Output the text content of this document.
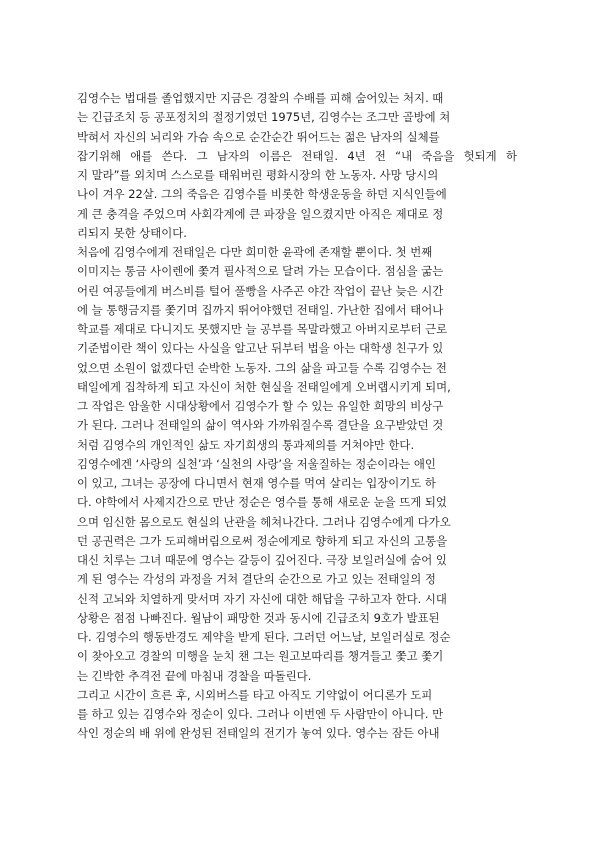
김영수는 법대를 졸업했지만 지금은 경찰의 수배를 피해 숨어있는 처지. 때
는 긴급조치 등 공포정치의 절정기였던 1975년, 김영수는 조그만 골방에 쳐
박혀서 자신의 뇌리와 가슴 속으로 순간순간 뛰어드는 젊은 남자의 실체를
잡기위해 애를 쓴다. 그 남자의 이름은 전태일. 4년 전 “내 죽음을 헛되게 하
지 말라”를 외치며 스스로를 태워버린 평화시장의 한 노동자. 사망 당시의
나이 겨우 22살. 그의 죽음은 김영수를 비롯한 학생운동을 하던 지식인들에
게 큰 충격을 주었으며 사회각계에 큰 파장을 일으켰지만 아직은 제대로 정
리되지 못한 상태이다.
처음에 김영수에게 전태일은 다만 희미한 윤곽에 존재할 뿐이다. 첫 번째
이미지는 통금 사이렌에 쫓겨 필사적으로 달려 가는 모습이다. 점심을 굶는
어린 여공들에게 버스비를 털어 풀빵을 사주곤 야간 작업이 끝난 늦은 시간
에 늘 통행금지를 쫓기며 집까지 뛰어야했던 전태일. 가난한 집에서 태어나
학교를 제대로 다니지도 못했지만 늘 공부를 목말라했고 아버지로부터 근로
기준법이란 책이 있다는 사실을 알고난 뒤부터 법을 아는 대학생 친구가 있
었으면 소원이 없겠다던 순박한 노동자. 그의 삶을 파고들 수록 김영수는 전
태일에게 집착하게 되고 자신이 처한 현실을 전태일에게 오버랩시키게 되며,
그 작업은 암울한 시대상황에서 김영수가 할 수 있는 유일한 희망의 비상구
가 된다. 그러나 전태일의 삶이 역사와 가까워질수록 결단을 요구받았던 것
처럼 김영수의 개인적인 삶도 자기희생의 통과제의를 거쳐야만 한다.
김영수에겐 ‘사랑의 실천’과 ‘실천의 사랑’을 저울질하는 정순이라는 애인
이 있고, 그녀는 공장에 다니면서 현재 영수를 먹여 살리는 입장이기도 하
다. 야학에서 사제지간으로 만난 정순은 영수를 통해 새로운 눈을 뜨게 되었
으며 임신한 몸으로도 현실의 난관을 헤쳐나간다. 그러나 김영수에게 다가오
던 공권력은 그가 도피해버림으로써 정순에게로 향하게 되고 자신의 고통을
대신 치루는 그녀 때문에 영수는 갈등이 깊어진다. 극장 보일러실에 숨어 있
게 된 영수는 각성의 과정을 거쳐 결단의 순간으로 가고 있는 전태일의 정
신적 고뇌와 치열하게 맞서며 자기 자신에 대한 해답을 구하고자 한다. 시대
상황은 점점 나빠진다. 월남이 패망한 것과 동시에 긴급조치 9호가 발표된
다. 김영수의 행동반경도 제약을 받게 된다. 그러던 어느날, 보일러실로 정순
이 찾아오고 경찰의 미행을 눈치 챈 그는 원고보따리를 챙겨들고 쫓고 쫓기
는 긴박한 추격전 끝에 마침내 경찰을 따돌린다.
그리고 시간이 흐른 후, 시외버스를 타고 아직도 기약없이 어디론가 도피
를 하고 있는 김영수와 정순이 있다. 그러나 이번엔 두 사람만이 아니다. 만
삭인 정순의 배 위에 완성된 전태일의 전기가 놓여 있다. 영수는 잠든 아내
